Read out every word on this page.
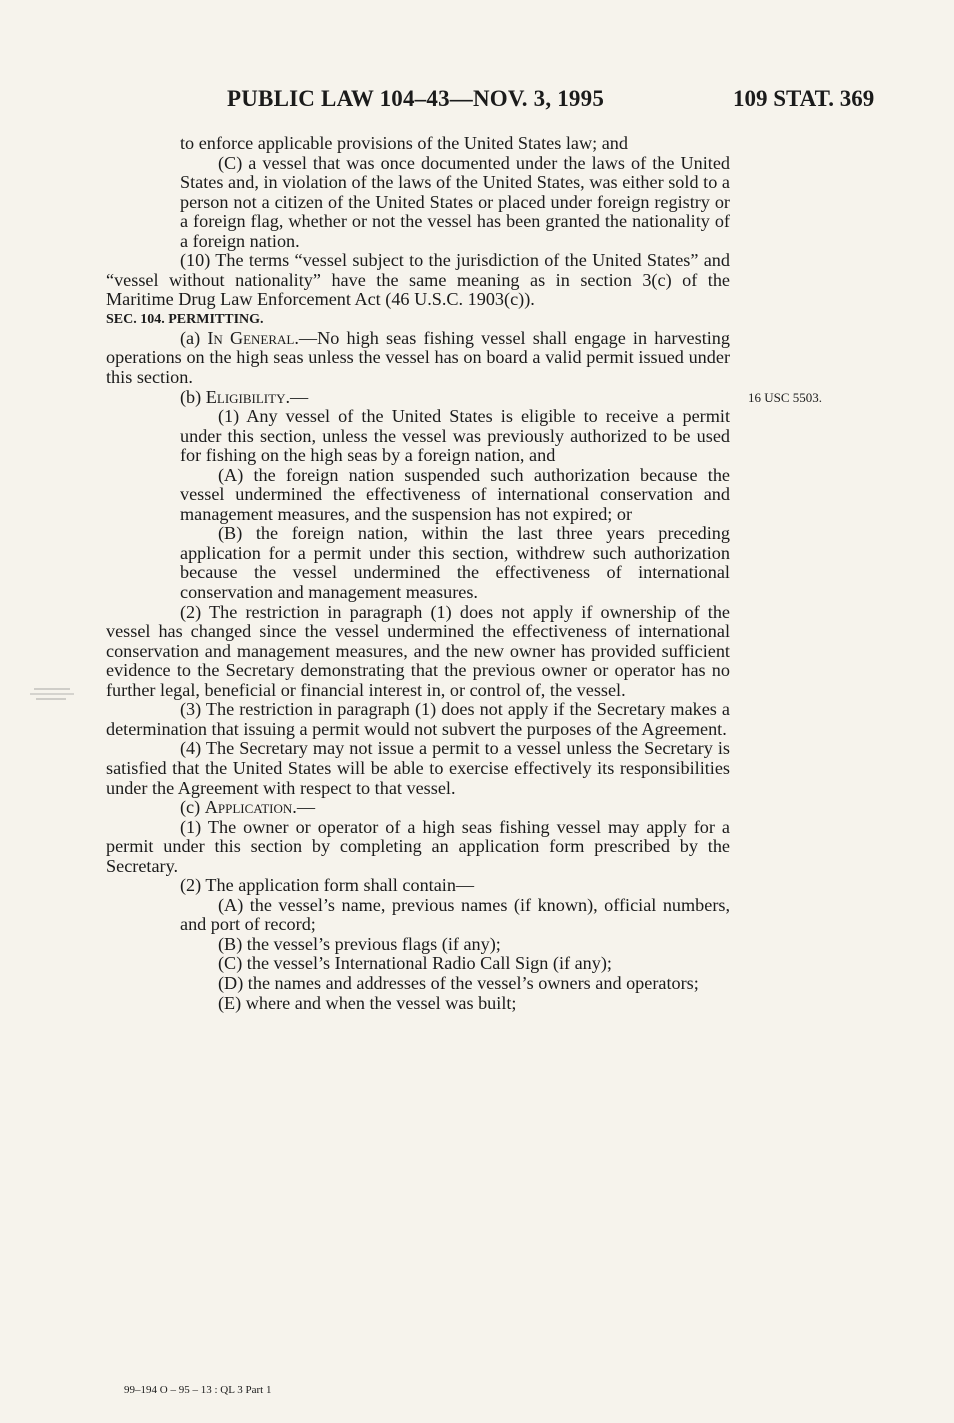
PUBLIC LAW 104–43—NOV. 3, 1995	109 STAT. 369
16 USC 5503.

to enforce applicable provisions of the United States law; and

(C) a vessel that was once documented under the laws of the United States and, in violation of the laws of the United States, was either sold to a person not a citizen of the United States or placed under foreign registry or a foreign flag, whether or not the vessel has been granted the nationality of a foreign nation.

(10) The terms “vessel subject to the jurisdiction of the United States” and “vessel without nationality” have the same meaning as in section 3(c) of the Maritime Drug Law Enforcement Act (46 U.S.C. 1903(c)).

SEC. 104. PERMITTING.

(a) In General.—No high seas fishing vessel shall engage in harvesting operations on the high seas unless the vessel has on board a valid permit issued under this section.

(b) Eligibility.—

(1) Any vessel of the United States is eligible to receive a permit under this section, unless the vessel was previously authorized to be used for fishing on the high seas by a foreign nation, and

(A) the foreign nation suspended such authorization because the vessel undermined the effectiveness of international conservation and management measures, and the suspension has not expired; or

(B) the foreign nation, within the last three years preceding application for a permit under this section, withdrew such authorization because the vessel undermined the effectiveness of international conservation and management measures.

(2) The restriction in paragraph (1) does not apply if ownership of the vessel has changed since the vessel undermined the effectiveness of international conservation and management measures, and the new owner has provided sufficient evidence to the Secretary demonstrating that the previous owner or operator has no further legal, beneficial or financial interest in, or control of, the vessel.

(3) The restriction in paragraph (1) does not apply if the Secretary makes a determination that issuing a permit would not subvert the purposes of the Agreement.

(4) The Secretary may not issue a permit to a vessel unless the Secretary is satisfied that the United States will be able to exercise effectively its responsibilities under the Agreement with respect to that vessel.

(c) Application.—

(1) The owner or operator of a high seas fishing vessel may apply for a permit under this section by completing an application form prescribed by the Secretary.

(2) The application form shall contain—

(A) the vessel’s name, previous names (if known), official numbers, and port of record;

(B) the vessel’s previous flags (if any);

(C) the vessel’s International Radio Call Sign (if any);

(D) the names and addresses of the vessel’s owners and operators;

(E) where and when the vessel was built;

99–194 O – 95 – 13 : QL 3 Part 1
